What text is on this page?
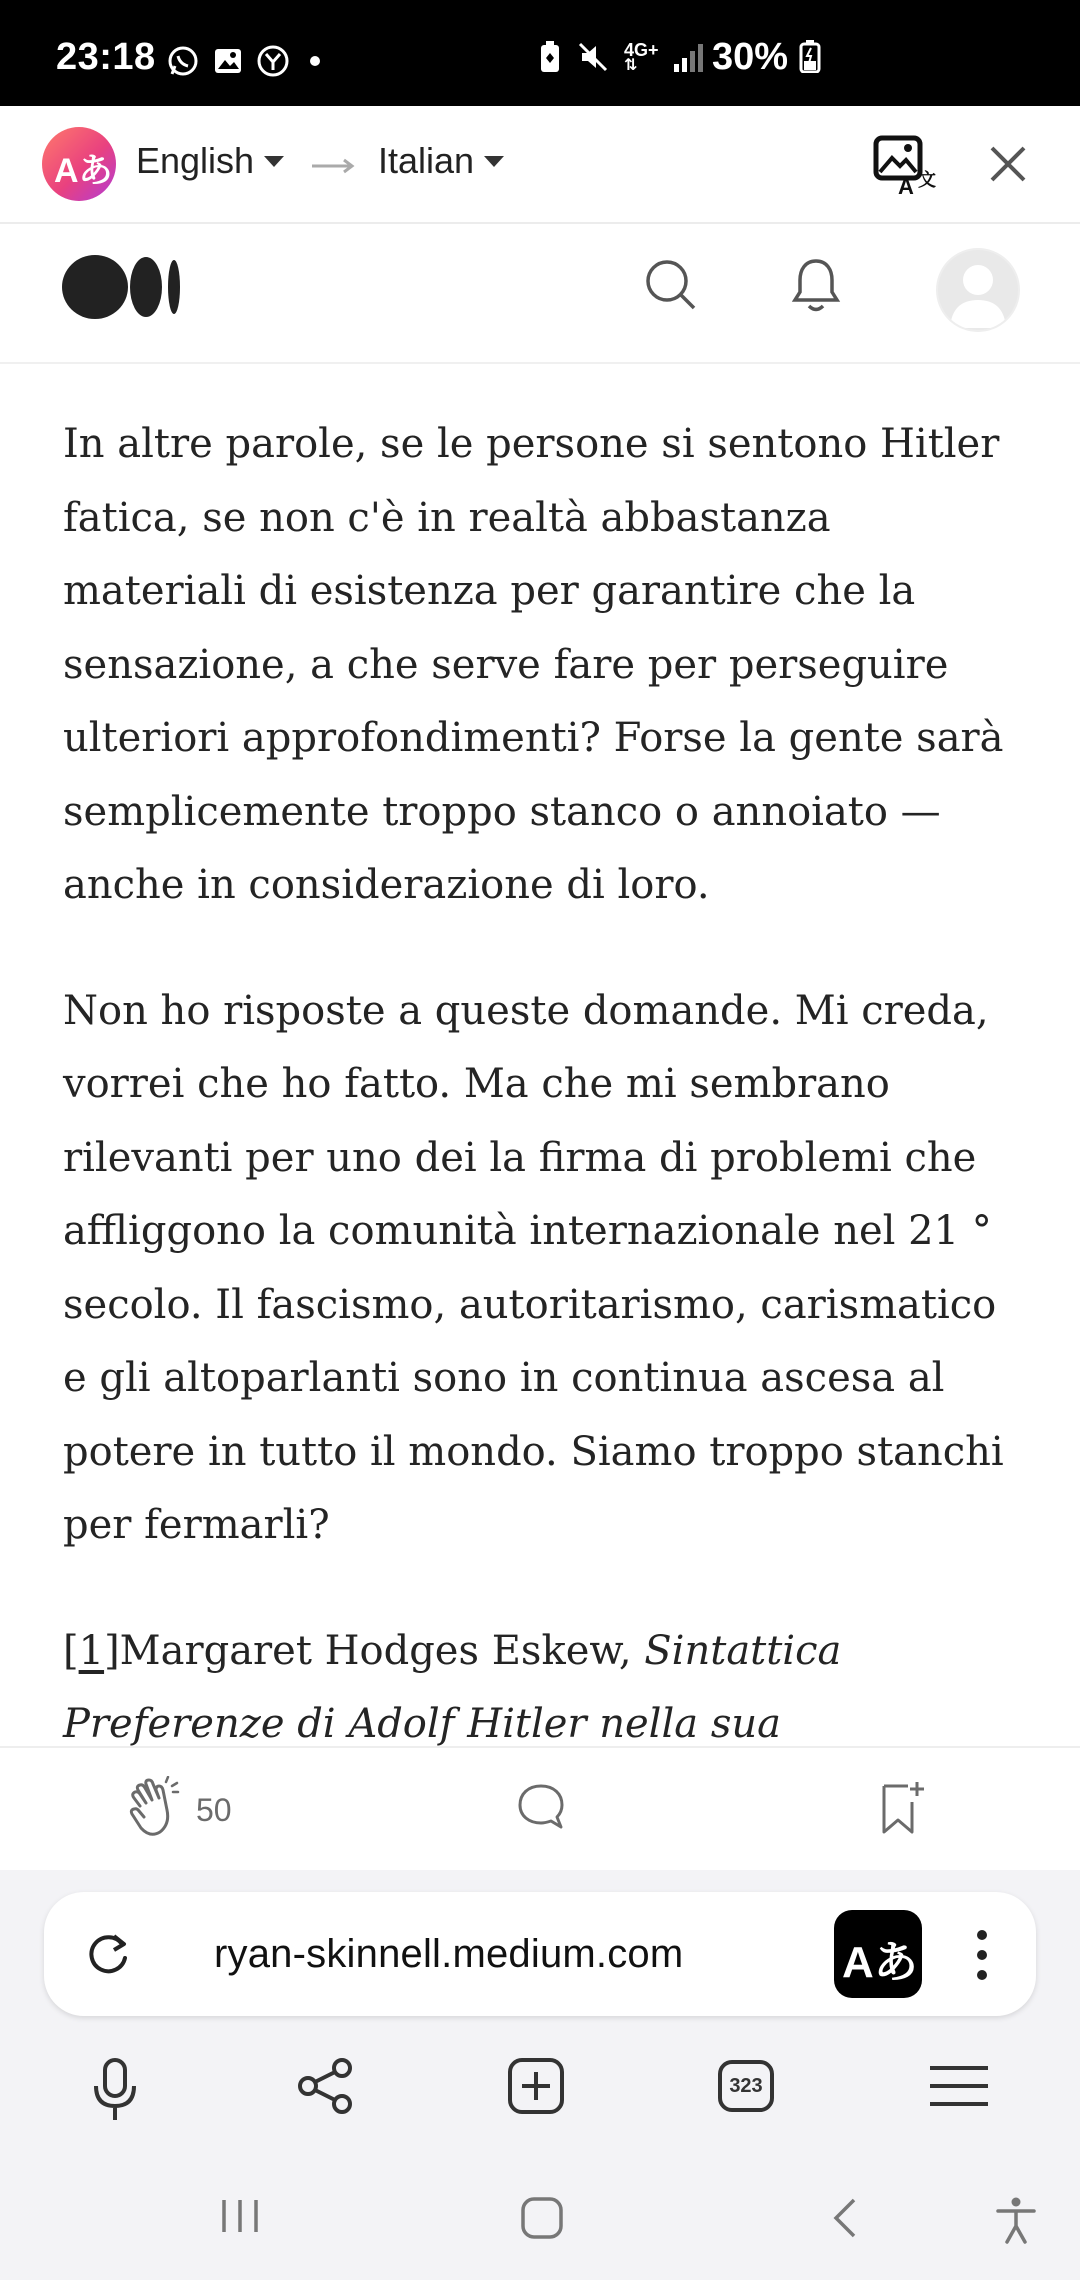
23:18	4G+
⇅	30%
Aあ English	Italian
A 文

In altre parole, se le persone si sentono Hitler fatica, se non c'è in realtà abbastanza materiali di esistenza per garantire che la sensazione, a che serve fare per perseguire ulteriori approfondimenti? Forse la gente sarà semplicemente troppo stanco o annoiato — anche in considerazione di loro.

Non ho risposte a queste domande. Mi creda, vorrei che ho fatto. Ma che mi sembrano rilevanti per uno dei la firma di problemi che affliggono la comunità internazionale nel 21 ° secolo. Il fascismo, autoritarismo, carismatico e gli altoparlanti sono in continua ascesa al potere in tutto il mondo. Siamo troppo stanchi per fermarli?

[1]Margaret Hodges Eskew, Sintattica Preferenze di Adolf Hitler nella sua

50
ryan-skinnell.medium.com	Aあ
323
